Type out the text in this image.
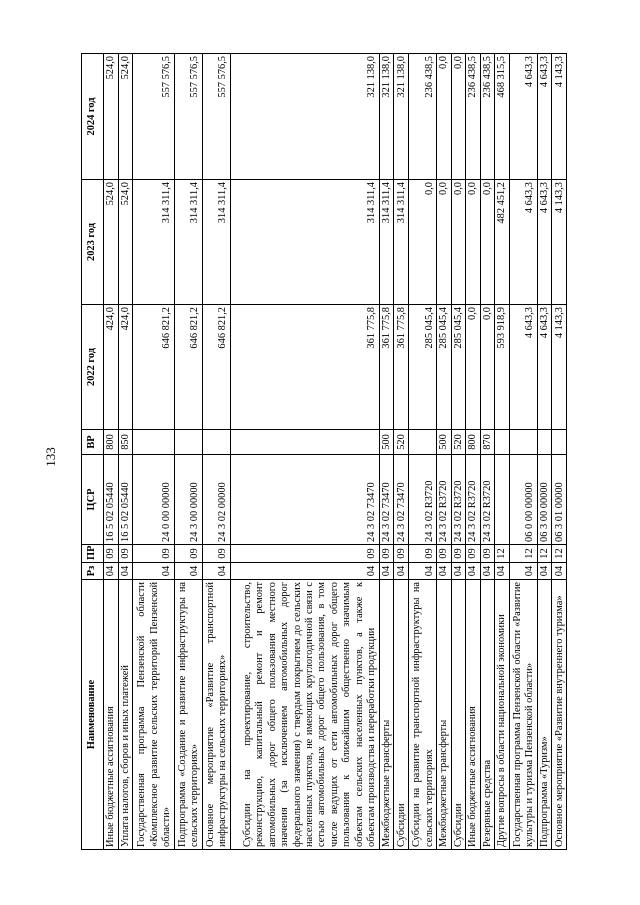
133
Наименование	Рз	ПР	ЦСР	ВР	2022 год	2023 год	2024 год
Иные бюджетные ассигнования	04	09	16 5 02 05440	800	424,0	524,0	524,0
Уплата налогов, сборов и иных платежей	04	09	16 5 02 05440	850	424,0	524,0	524,0
Государственная программа Пензенской области «Комплексное развитие сельских территорий Пензенской области»	04	09	24 0 00 00000		646 821,2	314 311,4	557 576,5
Подпрограмма «Создание и развитие инфраструктуры на сельских территориях»	04	09	24 3 00 00000		646 821,2	314 311,4	557 576,5
Основное мероприятие «Развитие транспортной инфраструктуры на сельских территориях»	04	09	24 3 02 00000		646 821,2	314 311,4	557 576,5
Субсидии на проектирование, строительство, реконструкцию, капитальный ремонт и ремонт автомобильных дорог общего пользования местного значения (за исключением автомобильных дорог федерального значения) с твердым покрытием до сельских населенных пунктов, не имеющих круглогодичной связи с сетью автомобильных дорог общего пользования, в том числе ведущих от сети автомобильных дорог общего пользования к ближайшим общественно значимым объектам сельских населенных пунктов, а также к объектам производства и переработки продукции	04	09	24 3 02 73470		361 775,8	314 311,4	321 138,0
Межбюджетные трансферты	04	09	24 3 02 73470	500	361 775,8	314 311,4	321 138,0
Субсидии	04	09	24 3 02 73470	520	361 775,8	314 311,4	321 138,0
Субсидии на развитие транспортной инфраструктуры на сельских территориях	04	09	24 3 02 R3720		285 045,4	0,0	236 438,5
Межбюджетные трансферты	04	09	24 3 02 R3720	500	285 045,4	0,0	0,0
Субсидии	04	09	24 3 02 R3720	520	285 045,4	0,0	0,0
Иные бюджетные ассигнования	04	09	24 3 02 R3720	800	0,0	0,0	236 438,5
Резервные средства	04	09	24 3 02 R3720	870	0,0	0,0	236 438,5
Другие вопросы в области национальной экономики	04	12			593 918,9	482 451,2	468 315,5
Государственная программа Пензенской области «Развитие культуры и туризма Пензенской области»	04	12	06 0 00 00000		4 643,3	4 643,3	4 643,3
Подпрограмма «Туризм»	04	12	06 3 00 00000		4 643,3	4 643,3	4 643,3
Основное мероприятие «Развитие внутреннего туризма»	04	12	06 3 01 00000		4 143,3	4 143,3	4 143,3
